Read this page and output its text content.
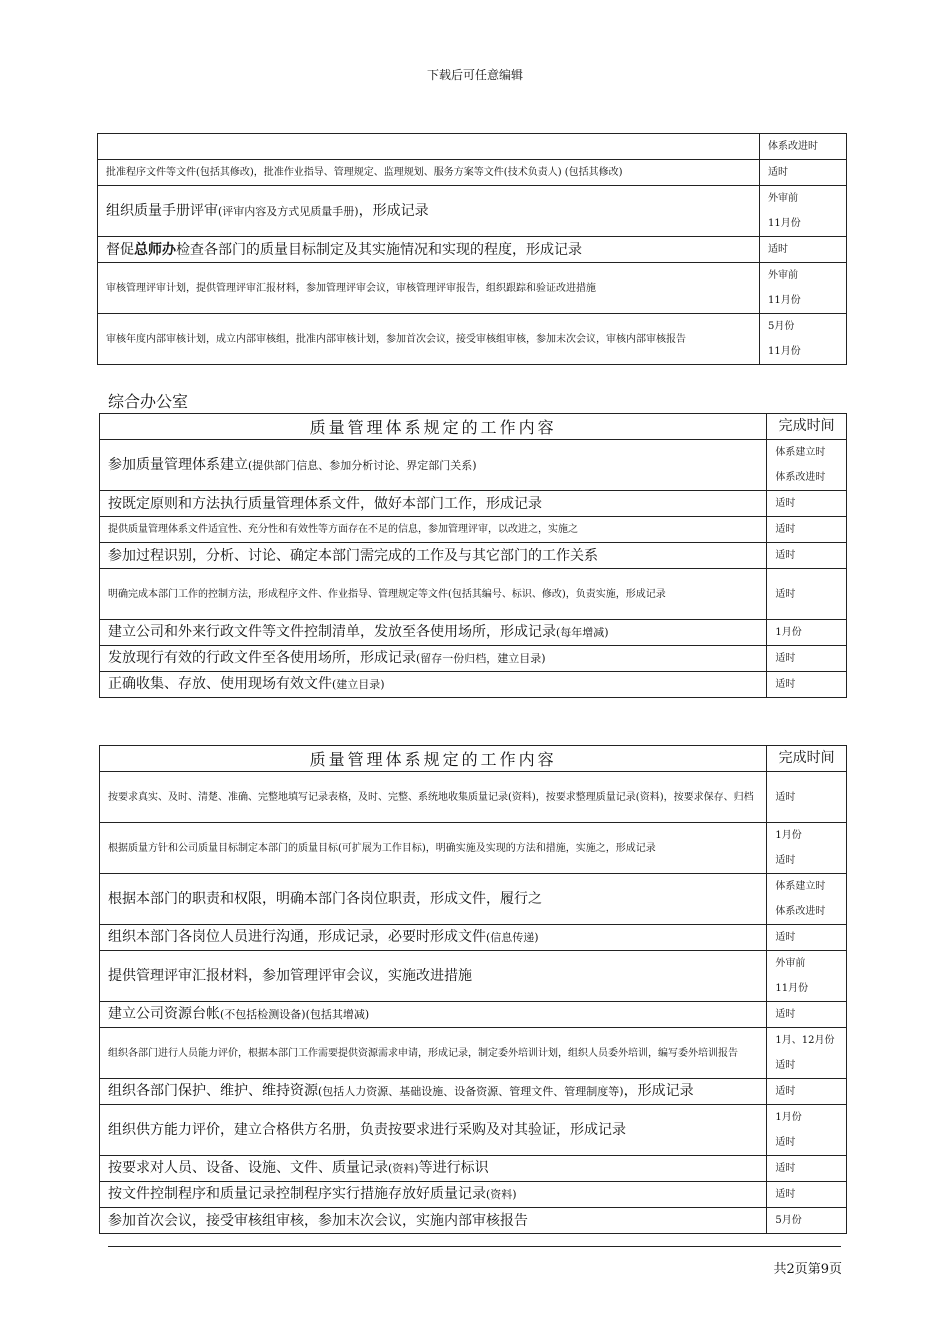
下载后可任意编辑

	体系改进时

批准程序文件等文件(包括其修改)，批准作业指导、管理规定、监理规划、服务方案等文件(技术负责人) (包括其修改)	适时

组织质量手册评审(评审内容及方式见质量手册)，形成记录	外审前
11月份

督促总师办检查各部门的质量目标制定及其实施情况和实现的程度，形成记录	适时

审核管理评审计划，提供管理评审汇报材料，参加管理评审会议，审核管理评审报告，组织跟踪和验证改进措施	外审前
11月份

审核年度内部审核计划，成立内部审核组，批准内部审核计划，参加首次会议，接受审核组审核，参加末次会议，审核内部审核报告	5月份
11月份
综合办公室
质量管理体系规定的工作内容	完成时间
参加质量管理体系建立(提供部门信息、参加分析讨论、界定部门关系)	体系建立时
体系改进时

按既定原则和方法执行质量管理体系文件，做好本部门工作，形成记录	适时

提供质量管理体系文件适宜性、充分性和有效性等方面存在不足的信息，参加管理评审，以改进之，实施之	适时

参加过程识别，分析、讨论、确定本部门需完成的工作及与其它部门的工作关系	适时

明确完成本部门工作的控制方法，形成程序文件、作业指导、管理规定等文件(包括其编号、标识、修改)，负责实施，形成记录	适时

建立公司和外来行政文件等文件控制清单，发放至各使用场所，形成记录(每年增减)	1月份

发放现行有效的行政文件至各使用场所，形成记录(留存一份归档，建立目录)	适时

正确收集、存放、使用现场有效文件(建立目录)	适时
质量管理体系规定的工作内容	完成时间
按要求真实、及时、清楚、准确、完整地填写记录表格，及时、完整、系统地收集质量记录(资料)，按要求整理质量记录(资料)，按要求保存、归档	适时

根据质量方针和公司质量目标制定本部门的质量目标(可扩展为工作目标)，明确实施及实现的方法和措施，实施之，形成记录	1月份
适时

根据本部门的职责和权限，明确本部门各岗位职责，形成文件，履行之	体系建立时
体系改进时

组织本部门各岗位人员进行沟通，形成记录，必要时形成文件(信息传递)	适时

提供管理评审汇报材料，参加管理评审会议，实施改进措施	外审前
11月份

建立公司资源台帐(不包括检测设备)(包括其增减)	适时

组织各部门进行人员能力评价，根据本部门工作需要提供资源需求申请，形成记录，制定委外培训计划，组织人员委外培训，编写委外培训报告	1月、12月份
适时

组织各部门保护、维护、维持资源(包括人力资源、基础设施、设备资源、管理文件、管理制度等)，形成记录	适时

组织供方能力评价，建立合格供方名册，负责按要求进行采购及对其验证，形成记录	1月份
适时

按要求对人员、设备、设施、文件、质量记录(资料)等进行标识	适时

按文件控制程序和质量记录控制程序实行措施存放好质量记录(资料)	适时

参加首次会议，接受审核组审核，参加末次会议，实施内部审核报告	5月份
共2页第9页
